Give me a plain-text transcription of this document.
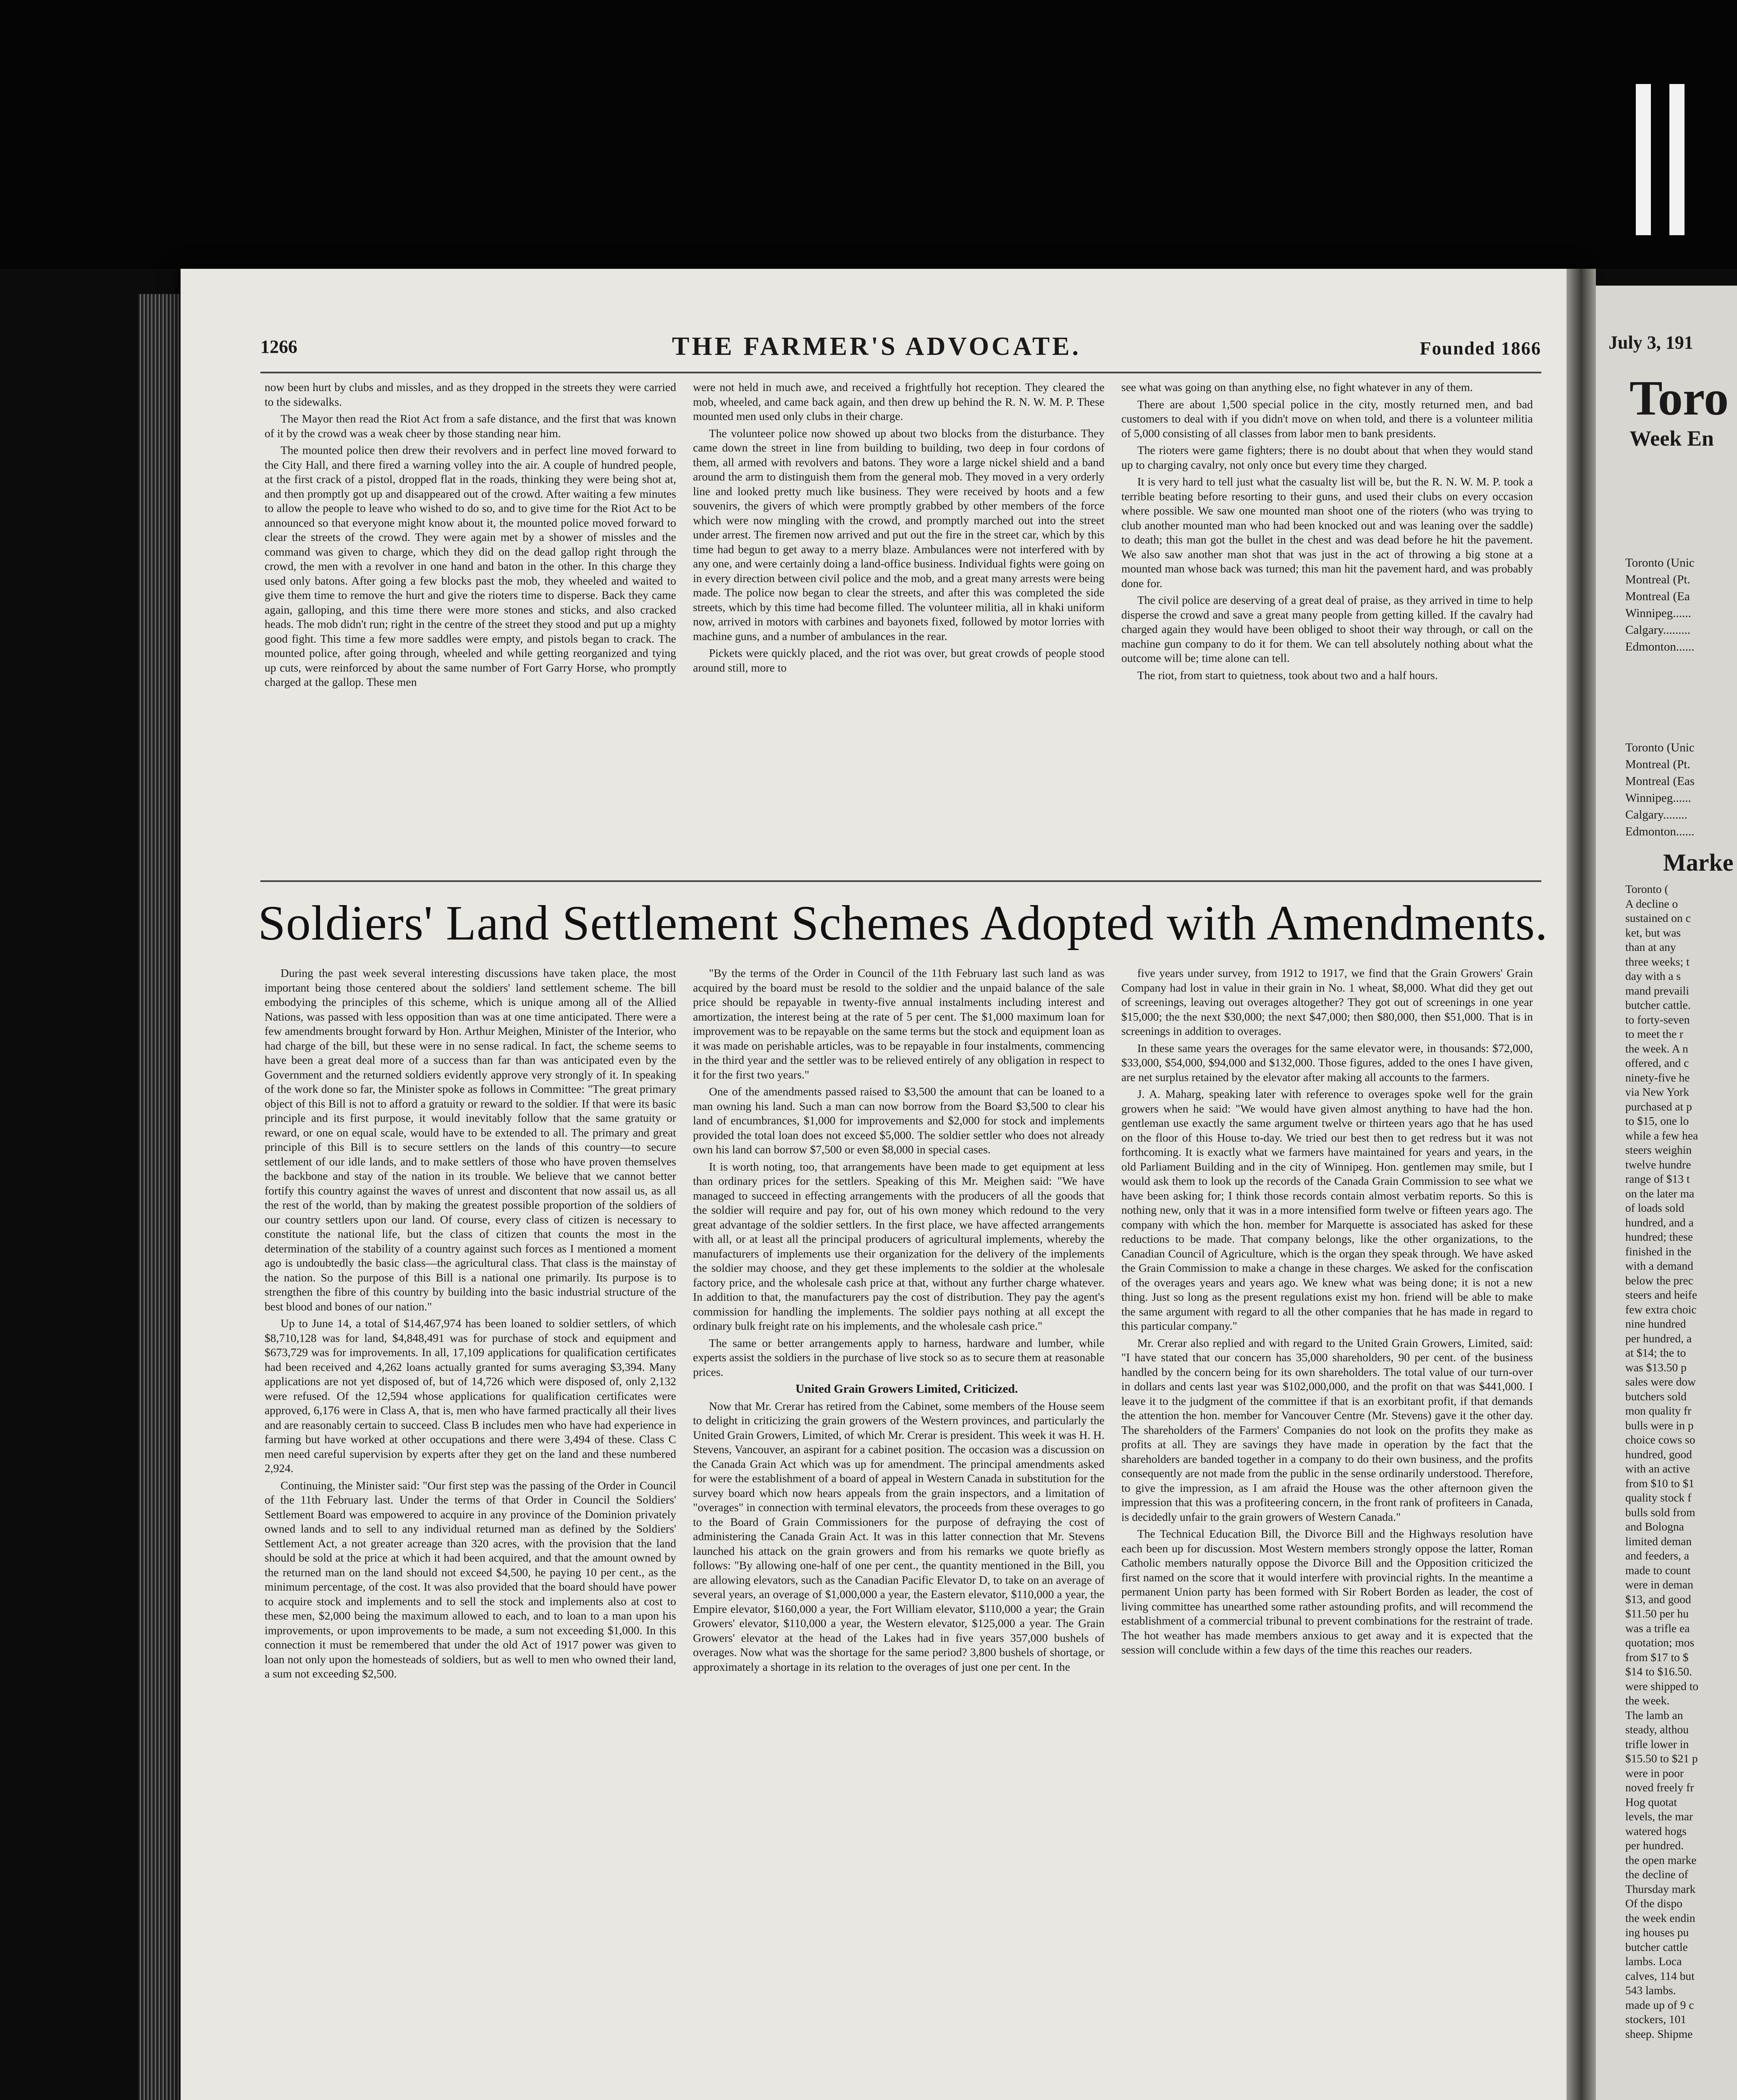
1266	THE FARMER'S ADVOCATE.	Founded 1866

now been hurt by clubs and missles, and as they dropped in the streets they were carried to the sidewalks.

The Mayor then read the Riot Act from a safe distance, and the first that was known of it by the crowd was a weak cheer by those standing near him.

The mounted police then drew their revolvers and in perfect line moved forward to the City Hall, and there fired a warning volley into the air. A couple of hundred people, at the first crack of a pistol, dropped flat in the roads, thinking they were being shot at, and then promptly got up and disappeared out of the crowd. After waiting a few minutes to allow the people to leave who wished to do so, and to give time for the Riot Act to be announced so that everyone might know about it, the mounted police moved forward to clear the streets of the crowd. They were again met by a shower of missles and the command was given to charge, which they did on the dead gallop right through the crowd, the men with a revolver in one hand and baton in the other. In this charge they used only batons. After going a few blocks past the mob, they wheeled and waited to give them time to remove the hurt and give the rioters time to disperse. Back they came again, galloping, and this time there were more stones and sticks, and also cracked heads. The mob didn't run; right in the centre of the street they stood and put up a mighty good fight. This time a few more saddles were empty, and pistols began to crack. The mounted police, after going through, wheeled and while getting reorganized and tying up cuts, were reinforced by about the same number of Fort Garry Horse, who promptly charged at the gallop. These men

were not held in much awe, and received a frightfully hot reception. They cleared the mob, wheeled, and came back again, and then drew up behind the R. N. W. M. P. These mounted men used only clubs in their charge.

The volunteer police now showed up about two blocks from the disturbance. They came down the street in line from building to building, two deep in four cordons of them, all armed with revolvers and batons. They wore a large nickel shield and a band around the arm to distinguish them from the general mob. They moved in a very orderly line and looked pretty much like business. They were received by hoots and a few souvenirs, the givers of which were promptly grabbed by other members of the force which were now mingling with the crowd, and promptly marched out into the street under arrest. The firemen now arrived and put out the fire in the street car, which by this time had begun to get away to a merry blaze. Ambulances were not interfered with by any one, and were certainly doing a land-office business. Individual fights were going on in every direction between civil police and the mob, and a great many arrests were being made. The police now began to clear the streets, and after this was completed the side streets, which by this time had become filled. The volunteer militia, all in khaki uniform now, arrived in motors with carbines and bayonets fixed, followed by motor lorries with machine guns, and a number of ambulances in the rear.

Pickets were quickly placed, and the riot was over, but great crowds of people stood around still, more to

see what was going on than anything else, no fight whatever in any of them.

There are about 1,500 special police in the city, mostly returned men, and bad customers to deal with if you didn't move on when told, and there is a volunteer militia of 5,000 consisting of all classes from labor men to bank presidents.

The rioters were game fighters; there is no doubt about that when they would stand up to charging cavalry, not only once but every time they charged.

It is very hard to tell just what the casualty list will be, but the R. N. W. M. P. took a terrible beating before resorting to their guns, and used their clubs on every occasion where possible. We saw one mounted man shoot one of the rioters (who was trying to club another mounted man who had been knocked out and was leaning over the saddle) to death; this man got the bullet in the chest and was dead before he hit the pavement. We also saw another man shot that was just in the act of throwing a big stone at a mounted man whose back was turned; this man hit the pavement hard, and was probably done for.

The civil police are deserving of a great deal of praise, as they arrived in time to help disperse the crowd and save a great many people from getting killed. If the cavalry had charged again they would have been obliged to shoot their way through, or call on the machine gun company to do it for them. We can tell absolutely nothing about what the outcome will be; time alone can tell.

The riot, from start to quietness, took about two and a half hours.

Soldiers' Land Settlement Schemes Adopted with Amendments.

During the past week several interesting discussions have taken place, the most important being those centered about the soldiers' land settlement scheme. The bill embodying the principles of this scheme, which is unique among all of the Allied Nations, was passed with less opposition than was at one time anticipated. There were a few amendments brought forward by Hon. Arthur Meighen, Minister of the Interior, who had charge of the bill, but these were in no sense radical. In fact, the scheme seems to have been a great deal more of a success than far than was anticipated even by the Government and the returned soldiers evidently approve very strongly of it. In speaking of the work done so far, the Minister spoke as follows in Committee: "The great primary object of this Bill is not to afford a gratuity or reward to the soldier. If that were its basic principle and its first purpose, it would inevitably follow that the same gratuity or reward, or one on equal scale, would have to be extended to all. The primary and great principle of this Bill is to secure settlers on the lands of this country—to secure settlement of our idle lands, and to make settlers of those who have proven themselves the backbone and stay of the nation in its trouble. We believe that we cannot better fortify this country against the waves of unrest and discontent that now assail us, as all the rest of the world, than by making the greatest possible proportion of the soldiers of our country settlers upon our land. Of course, every class of citizen is necessary to constitute the national life, but the class of citizen that counts the most in the determination of the stability of a country against such forces as I mentioned a moment ago is undoubtedly the basic class—the agricultural class. That class is the mainstay of the nation. So the purpose of this Bill is a national one primarily. Its purpose is to strengthen the fibre of this country by building into the basic industrial structure of the best blood and bones of our nation."

Up to June 14, a total of $14,467,974 has been loaned to soldier settlers, of which $8,710,128 was for land, $4,848,491 was for purchase of stock and equipment and $673,729 was for improvements. In all, 17,109 applications for qualification certificates had been received and 4,262 loans actually granted for sums averaging $3,394. Many applications are not yet disposed of, but of 14,726 which were disposed of, only 2,132 were refused. Of the 12,594 whose applications for qualification certificates were approved, 6,176 were in Class A, that is, men who have farmed practically all their lives and are reasonably certain to succeed. Class B includes men who have had experience in farming but have worked at other occupations and there were 3,494 of these. Class C men need careful supervision by experts after they get on the land and these numbered 2,924.

Continuing, the Minister said: "Our first step was the passing of the Order in Council of the 11th February last. Under the terms of that Order in Council the Soldiers' Settlement Board was empowered to acquire in any province of the Dominion privately owned lands and to sell to any individual returned man as defined by the Soldiers' Settlement Act, a not greater acreage than 320 acres, with the provision that the land should be sold at the price at which it had been acquired, and that the amount owned by the returned man on the land should not exceed $4,500, he paying 10 per cent., as the minimum percentage, of the cost. It was also provided that the board should have power to acquire stock and implements and to sell the stock and implements also at cost to these men, $2,000 being the maximum allowed to each, and to loan to a man upon his improvements, or upon improvements to be made, a sum not exceeding $1,000. In this connection it must be remembered that under the old Act of 1917 power was given to loan not only upon the homesteads of soldiers, but as well to men who owned their land, a sum not exceeding $2,500.

"By the terms of the Order in Council of the 11th February last such land as was acquired by the board must be resold to the soldier and the unpaid balance of the sale price should be repayable in twenty-five annual instalments including interest and amortization, the interest being at the rate of 5 per cent. The $1,000 maximum loan for improvement was to be repayable on the same terms but the stock and equipment loan as it was made on perishable articles, was to be repayable in four instalments, commencing in the third year and the settler was to be relieved entirely of any obligation in respect to it for the first two years."

One of the amendments passed raised to $3,500 the amount that can be loaned to a man owning his land. Such a man can now borrow from the Board $3,500 to clear his land of encumbrances, $1,000 for improvements and $2,000 for stock and implements provided the total loan does not exceed $5,000. The soldier settler who does not already own his land can borrow $7,500 or even $8,000 in special cases.

It is worth noting, too, that arrangements have been made to get equipment at less than ordinary prices for the settlers. Speaking of this Mr. Meighen said: "We have managed to succeed in effecting arrangements with the producers of all the goods that the soldier will require and pay for, out of his own money which redound to the very great advantage of the soldier settlers. In the first place, we have affected arrangements with all, or at least all the principal producers of agricultural implements, whereby the manufacturers of implements use their organization for the delivery of the implements the soldier may choose, and they get these implements to the soldier at the wholesale factory price, and the wholesale cash price at that, without any further charge whatever. In addition to that, the manufacturers pay the cost of distribution. They pay the agent's commission for handling the implements. The soldier pays nothing at all except the ordinary bulk freight rate on his implements, and the wholesale cash price."

The same or better arrangements apply to harness, hardware and lumber, while experts assist the soldiers in the purchase of live stock so as to secure them at reasonable prices.

United Grain Growers Limited, Criticized.

Now that Mr. Crerar has retired from the Cabinet, some members of the House seem to delight in criticizing the grain growers of the Western provinces, and particularly the United Grain Growers, Limited, of which Mr. Crerar is president. This week it was H. H. Stevens, Vancouver, an aspirant for a cabinet position. The occasion was a discussion on the Canada Grain Act which was up for amendment. The principal amendments asked for were the establishment of a board of appeal in Western Canada in substitution for the survey board which now hears appeals from the grain inspectors, and a limitation of "overages" in connection with terminal elevators, the proceeds from these overages to go to the Board of Grain Commissioners for the purpose of defraying the cost of administering the Canada Grain Act. It was in this latter connection that Mr. Stevens launched his attack on the grain growers and from his remarks we quote briefly as follows: "By allowing one-half of one per cent., the quantity mentioned in the Bill, you are allowing elevators, such as the Canadian Pacific Elevator D, to take on an average of several years, an overage of $1,000,000 a year, the Eastern elevator, $110,000 a year, the Empire elevator, $160,000 a year, the Fort William elevator, $110,000 a year; the Grain Growers' elevator, $110,000 a year, the Western elevator, $125,000 a year. The Grain Growers' elevator at the head of the Lakes had in five years 357,000 bushels of overages. Now what was the shortage for the same period? 3,800 bushels of shortage, or approximately a shortage in its relation to the overages of just one per cent. In the

five years under survey, from 1912 to 1917, we find that the Grain Growers' Grain Company had lost in value in their grain in No. 1 wheat, $8,000. What did they get out of screenings, leaving out overages altogether? They got out of screenings in one year $15,000; the the next $30,000; the next $47,000; then $80,000, then $51,000. That is in screenings in addition to overages.

In these same years the overages for the same elevator were, in thousands: $72,000, $33,000, $54,000, $94,000 and $132,000. Those figures, added to the ones I have given, are net surplus retained by the elevator after making all accounts to the farmers.

J. A. Maharg, speaking later with reference to overages spoke well for the grain growers when he said: "We would have given almost anything to have had the hon. gentleman use exactly the same argument twelve or thirteen years ago that he has used on the floor of this House to-day. We tried our best then to get redress but it was not forthcoming. It is exactly what we farmers have maintained for years and years, in the old Parliament Building and in the city of Winnipeg. Hon. gentlemen may smile, but I would ask them to look up the records of the Canada Grain Commission to see what we have been asking for; I think those records contain almost verbatim reports. So this is nothing new, only that it was in a more intensified form twelve or fifteen years ago. The company with which the hon. member for Marquette is associated has asked for these reductions to be made. That company belongs, like the other organizations, to the Canadian Council of Agriculture, which is the organ they speak through. We have asked the Grain Commission to make a change in these charges. We asked for the confiscation of the overages years and years ago. We knew what was being done; it is not a new thing. Just so long as the present regulations exist my hon. friend will be able to make the same argument with regard to all the other companies that he has made in regard to this particular company."

Mr. Crerar also replied and with regard to the United Grain Growers, Limited, said: "I have stated that our concern has 35,000 shareholders, 90 per cent. of the business handled by the concern being for its own shareholders. The total value of our turn-over in dollars and cents last year was $102,000,000, and the profit on that was $441,000. I leave it to the judgment of the committee if that is an exorbitant profit, if that demands the attention the hon. member for Vancouver Centre (Mr. Stevens) gave it the other day. The shareholders of the Farmers' Companies do not look on the profits they make as profits at all. They are savings they have made in operation by the fact that the shareholders are banded together in a company to do their own business, and the profits consequently are not made from the public in the sense ordinarily understood. Therefore, to give the impression, as I am afraid the House was the other afternoon given the impression that this was a profiteering concern, in the front rank of profiteers in Canada, is decidedly unfair to the grain growers of Western Canada."

The Technical Education Bill, the Divorce Bill and the Highways resolution have each been up for discussion. Most Western members strongly oppose the latter, Roman Catholic members naturally oppose the Divorce Bill and the Opposition criticized the first named on the score that it would interfere with provincial rights. In the meantime a permanent Union party has been formed with Sir Robert Borden as leader, the cost of living committee has unearthed some rather astounding profits, and will recommend the establishment of a commercial tribunal to prevent combinations for the restraint of trade. The hot weather has made members anxious to get away and it is expected that the session will conclude within a few days of the time this reaches our readers.

July 3, 191
Toro
Week En
Toronto (Unic
Montreal (Pt.
Montreal (Ea
Winnipeg......
Calgary.........
Edmonton......
Toronto (Unic
Montreal (Pt.
Montreal (Eas
Winnipeg......
Calgary........
Edmonton......
Marke
Toronto (
A decline o
sustained on c
ket, but was
than at any
three weeks; t
day with a s
mand prevaili
butcher cattle.
to forty-seven
to meet the r
the week. A n
offered, and c
ninety-five he
via New York
purchased at p
to $15, one lo
while a few hea
steers weighin
twelve hundre
range of $13 t
on the later ma
of loads sold
hundred, and a
hundred; these
finished in the
with a demand
below the prec
steers and heife
few extra choic
nine hundred
per hundred, a
at $14; the to
was $13.50 p
sales were dow
butchers sold
mon quality fr
bulls were in p
choice cows so
hundred, good
with an active
from $10 to $1
quality stock f
bulls sold from
and Bologna
limited deman
and feeders, a
made to count
were in deman
$13, and good
$11.50 per hu
was a trifle ea
quotation; mos
from $17 to $
$14 to $16.50.
were shipped to
the week.
The lamb an
steady, althou
trifle lower in
$15.50 to $21 p
were in poor
noved freely fr
Hog quotat
levels, the mar
watered hogs
per hundred.
the open marke
the decline of
Thursday mark
Of the dispo
the week endin
ing houses pu
butcher cattle
lambs. Loca
calves, 114 but
543 lambs.
made up of 9 c
stockers, 101
sheep. Shipme
